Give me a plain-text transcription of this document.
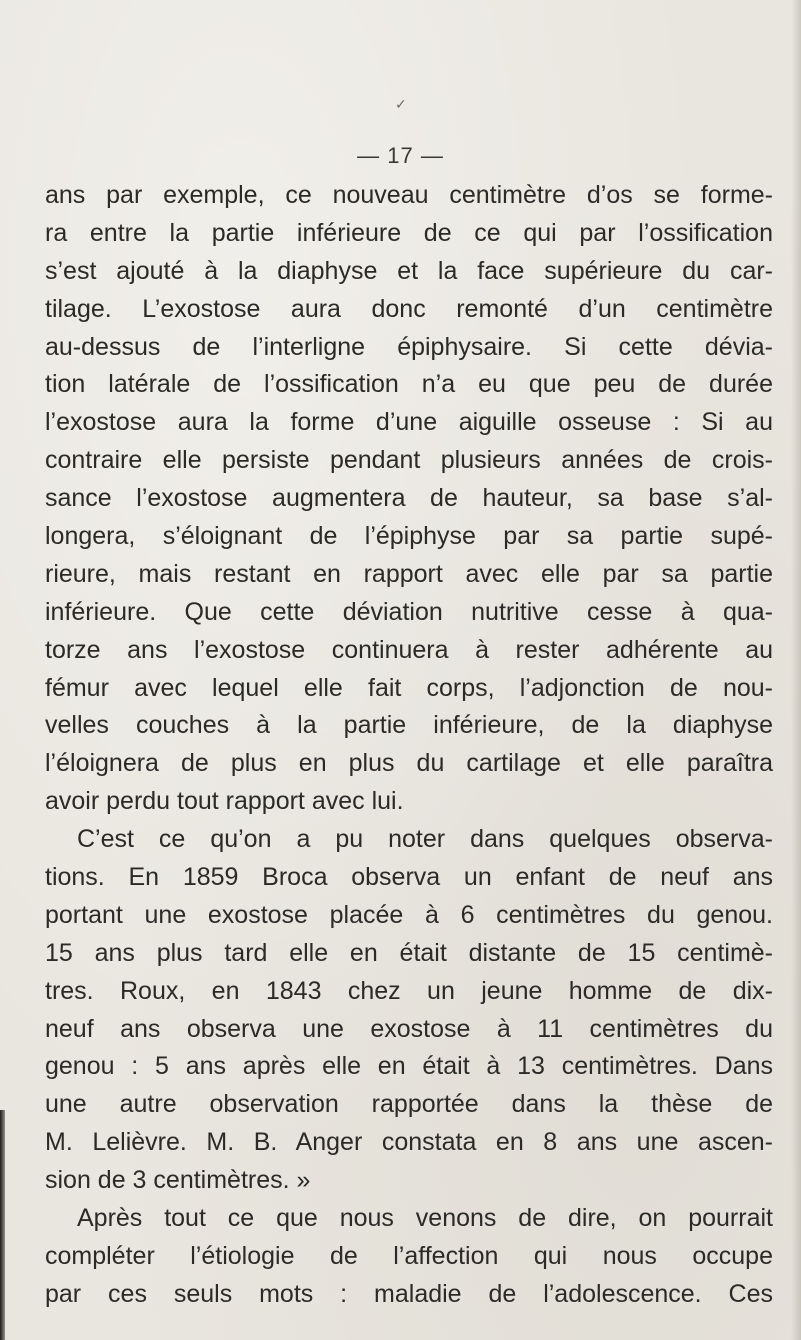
✓
— 17 —
ans par exemple, ce nouveau centimètre d’os se forme-
ra entre la partie inférieure de ce qui par l’ossification
s’est ajouté à la diaphyse et la face supérieure du car-
tilage. L’exostose aura donc remonté d’un centimètre
au-dessus de l’interligne épiphysaire. Si cette dévia-
tion latérale de l’ossification n’a eu que peu de durée
l’exostose aura la forme d’une aiguille osseuse : Si au
contraire elle persiste pendant plusieurs années de crois-
sance l’exostose augmentera de hauteur, sa base s’al-
longera, s’éloignant de l’épiphyse par sa partie supé-
rieure, mais restant en rapport avec elle par sa partie
inférieure. Que cette déviation nutritive cesse à qua-
torze ans l’exostose continuera à rester adhérente au
fémur avec lequel elle fait corps, l’adjonction de nou-
velles couches à la partie inférieure, de la diaphyse
l’éloignera de plus en plus du cartilage et elle paraîtra
avoir perdu tout rapport avec lui.
C’est ce qu’on a pu noter dans quelques observa-
tions. En 1859 Broca observa un enfant de neuf ans
portant une exostose placée à 6 centimètres du genou.
15 ans plus tard elle en était distante de 15 centimè-
tres. Roux, en 1843 chez un jeune homme de dix-
neuf ans observa une exostose à 11 centimètres du
genou : 5 ans après elle en était à 13 centimètres. Dans
une autre observation rapportée dans la thèse de
M. Lelièvre. M. B. Anger constata en 8 ans une ascen-
sion de 3 centimètres. »
Après tout ce que nous venons de dire, on pourrait
compléter l’étiologie de l’affection qui nous occupe
par ces seuls mots : maladie de l’adolescence. Ces
